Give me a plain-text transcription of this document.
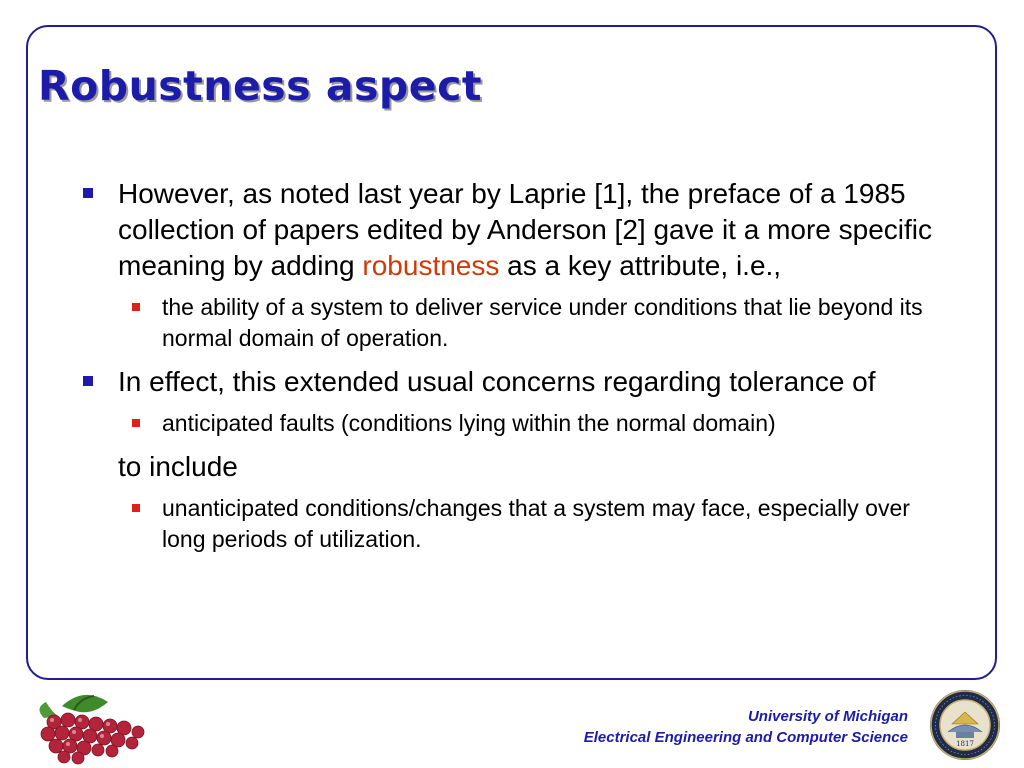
Robustness aspect
However, as noted last year by Laprie [1], the preface of a 1985 collection of papers edited by Anderson [2] gave it a more specific meaning by adding robustness as a key attribute, i.e.,
the ability of a system to deliver service under conditions that lie beyond its normal domain of operation.
In effect, this extended usual concerns regarding tolerance of
anticipated faults (conditions lying within the normal domain)
to include
unanticipated conditions/changes that a system may face, especially over long periods of utilization.
University of Michigan
Electrical Engineering and Computer Science	1817
